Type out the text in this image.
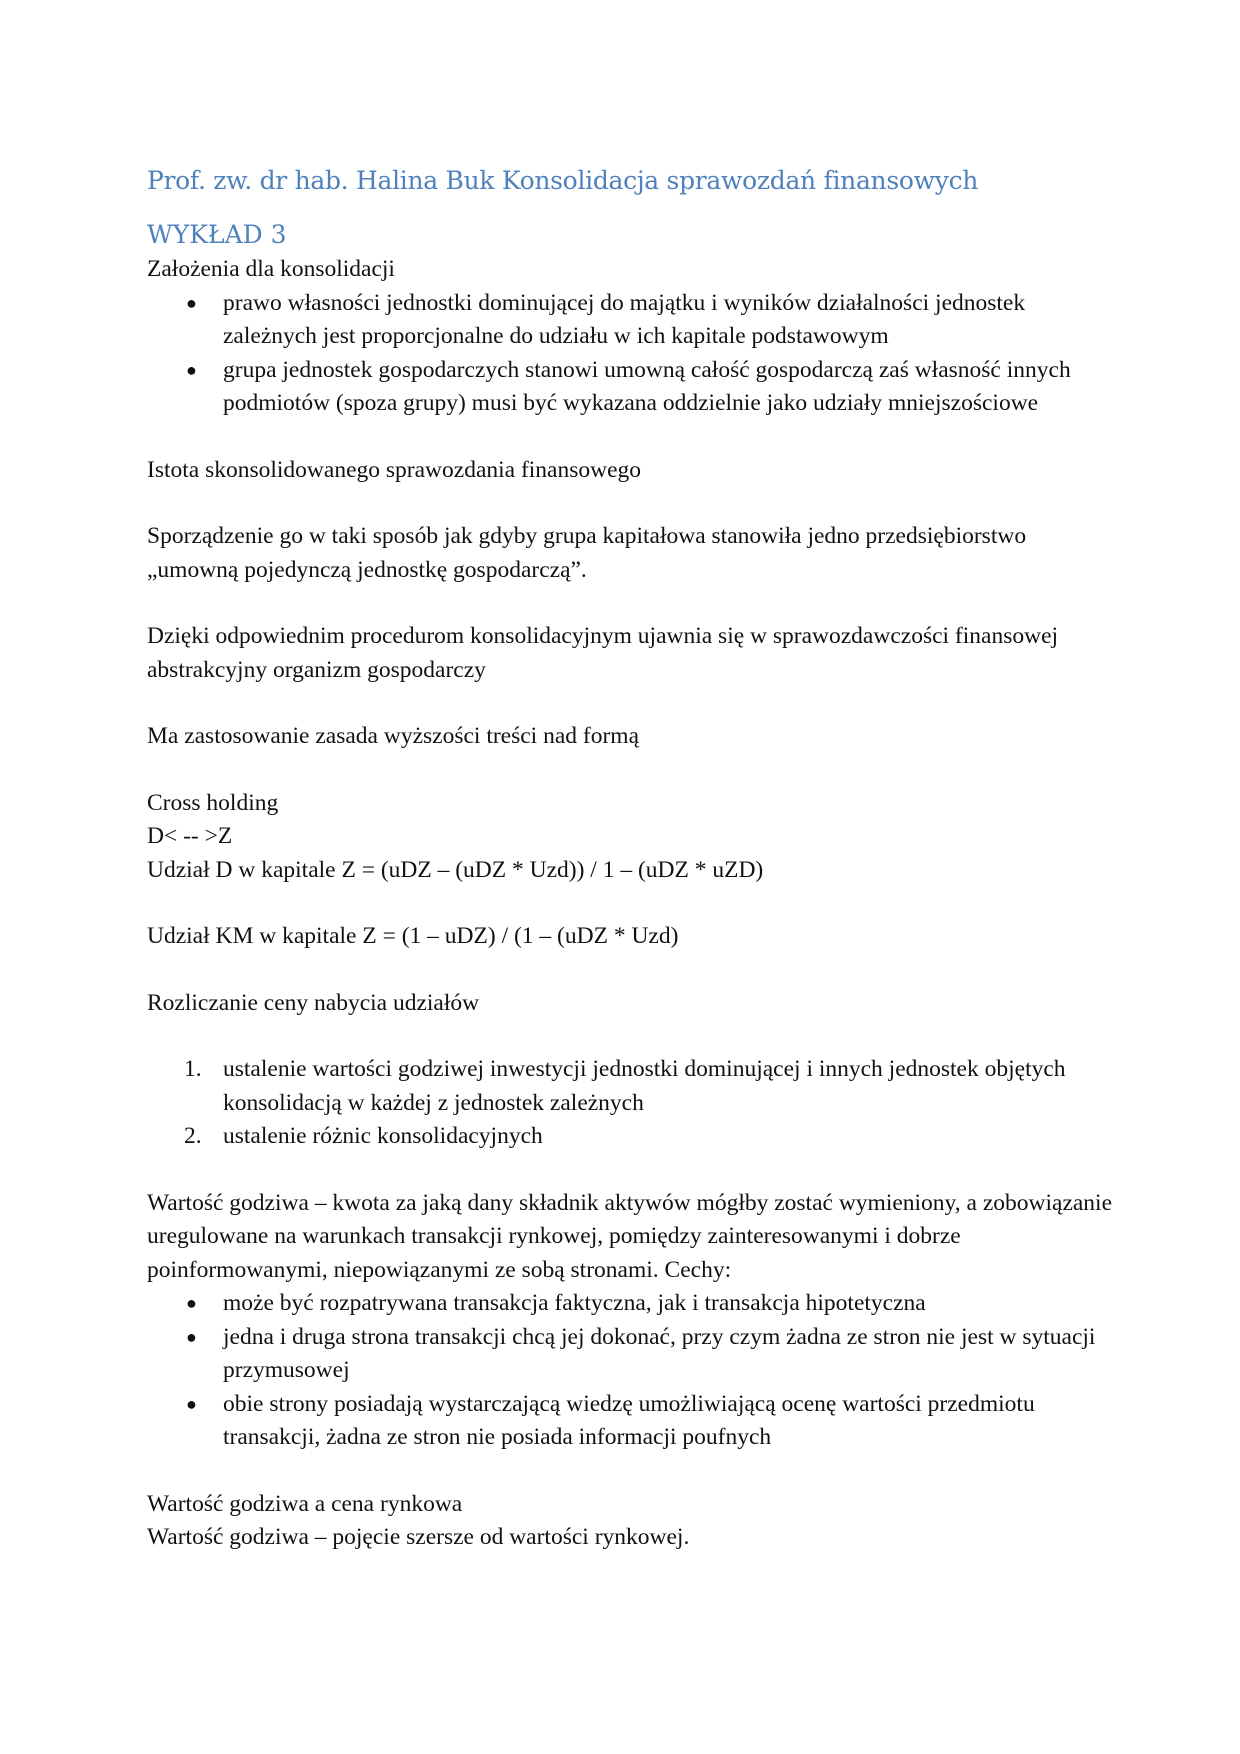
Prof. zw. dr hab. Halina Buk Konsolidacja sprawozdań finansowych
WYKŁAD 3

Założenia dla konsolidacji

● prawo własności jednostki dominującej do majątku i wyników działalności jednostek zależnych jest proporcjonalne do udziału w ich kapitale podstawowym
● grupa jednostek gospodarczych stanowi umowną całość gospodarczą zaś własność innych podmiotów (spoza grupy) musi być wykazana oddzielnie jako udziały mniejszościowe

Istota skonsolidowanego sprawozdania finansowego

Sporządzenie go w taki sposób jak gdyby grupa kapitałowa stanowiła jedno przedsiębiorstwo „umowną pojedynczą jednostkę gospodarczą”.

Dzięki odpowiednim procedurom konsolidacyjnym ujawnia się w sprawozdawczości finansowej abstrakcyjny organizm gospodarczy

Ma zastosowanie zasada wyższości treści nad formą

Cross holding

D< -- >Z

Udział D w kapitale Z = (uDZ – (uDZ * Uzd)) / 1 – (uDZ * uZD)

Udział KM w kapitale Z = (1 – uDZ) / (1 – (uDZ * Uzd)

Rozliczanie ceny nabycia udziałów

1. ustalenie wartości godziwej inwestycji jednostki dominującej i innych jednostek objętych konsolidacją w każdej z jednostek zależnych
2. ustalenie różnic konsolidacyjnych

Wartość godziwa – kwota za jaką dany składnik aktywów mógłby zostać wymieniony, a zobowiązanie uregulowane na warunkach transakcji rynkowej, pomiędzy zainteresowanymi i dobrze poinformowanymi, niepowiązanymi ze sobą stronami. Cechy:

● może być rozpatrywana transakcja faktyczna, jak i transakcja hipotetyczna
● jedna i druga strona transakcji chcą jej dokonać, przy czym żadna ze stron nie jest w sytuacji przymusowej
● obie strony posiadają wystarczającą wiedzę umożliwiającą ocenę wartości przedmiotu transakcji, żadna ze stron nie posiada informacji poufnych

Wartość godziwa a cena rynkowa

Wartość godziwa – pojęcie szersze od wartości rynkowej.
